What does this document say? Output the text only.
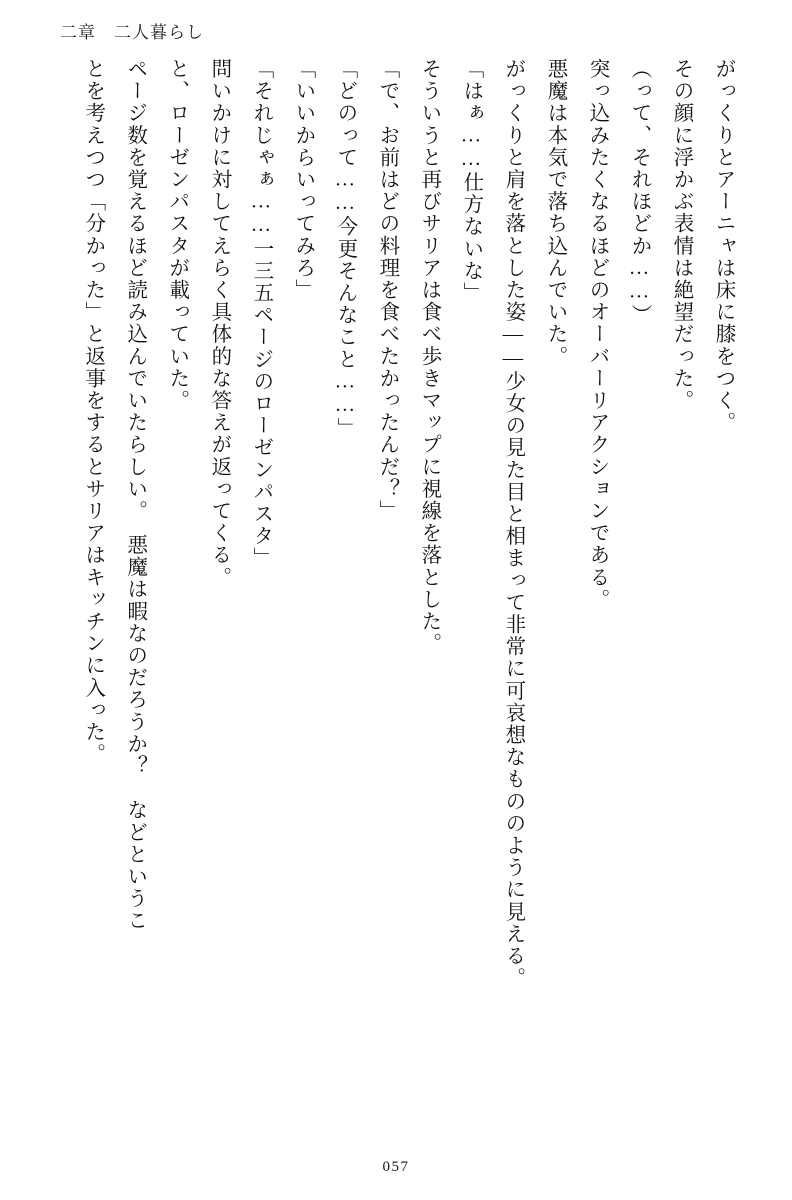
二章 二人暮らし

がっくりとアーニャは床に膝をつく。

その顔に浮かぶ表情は絶望だった。

（って、それほどか……）

突っ込みたくなるほどのオーバーリアクションである。

悪魔は本気で落ち込んでいた。

がっくりと肩を落とした姿――少女の見た目と相まって非常に可哀想なもののように見える。

「はぁ……仕方ないな」

そういうと再びサリアは食べ歩きマップに視線を落とした。

「で、お前はどの料理を食べたかったんだ？」

「どのって……今更そんなこと……」

「いいからいってみろ」

「それじゃぁ……一三五ページのローゼンパスタ」

問いかけに対してえらく具体的な答えが返ってくる。

と、ローゼンパスタが載っていた。

ページ数を覚えるほど読み込んでいたらしい。　悪魔は暇なのだろうか？　などというこ

とを考えつつ「分かった」と返事をするとサリアはキッチンに入った。

057
